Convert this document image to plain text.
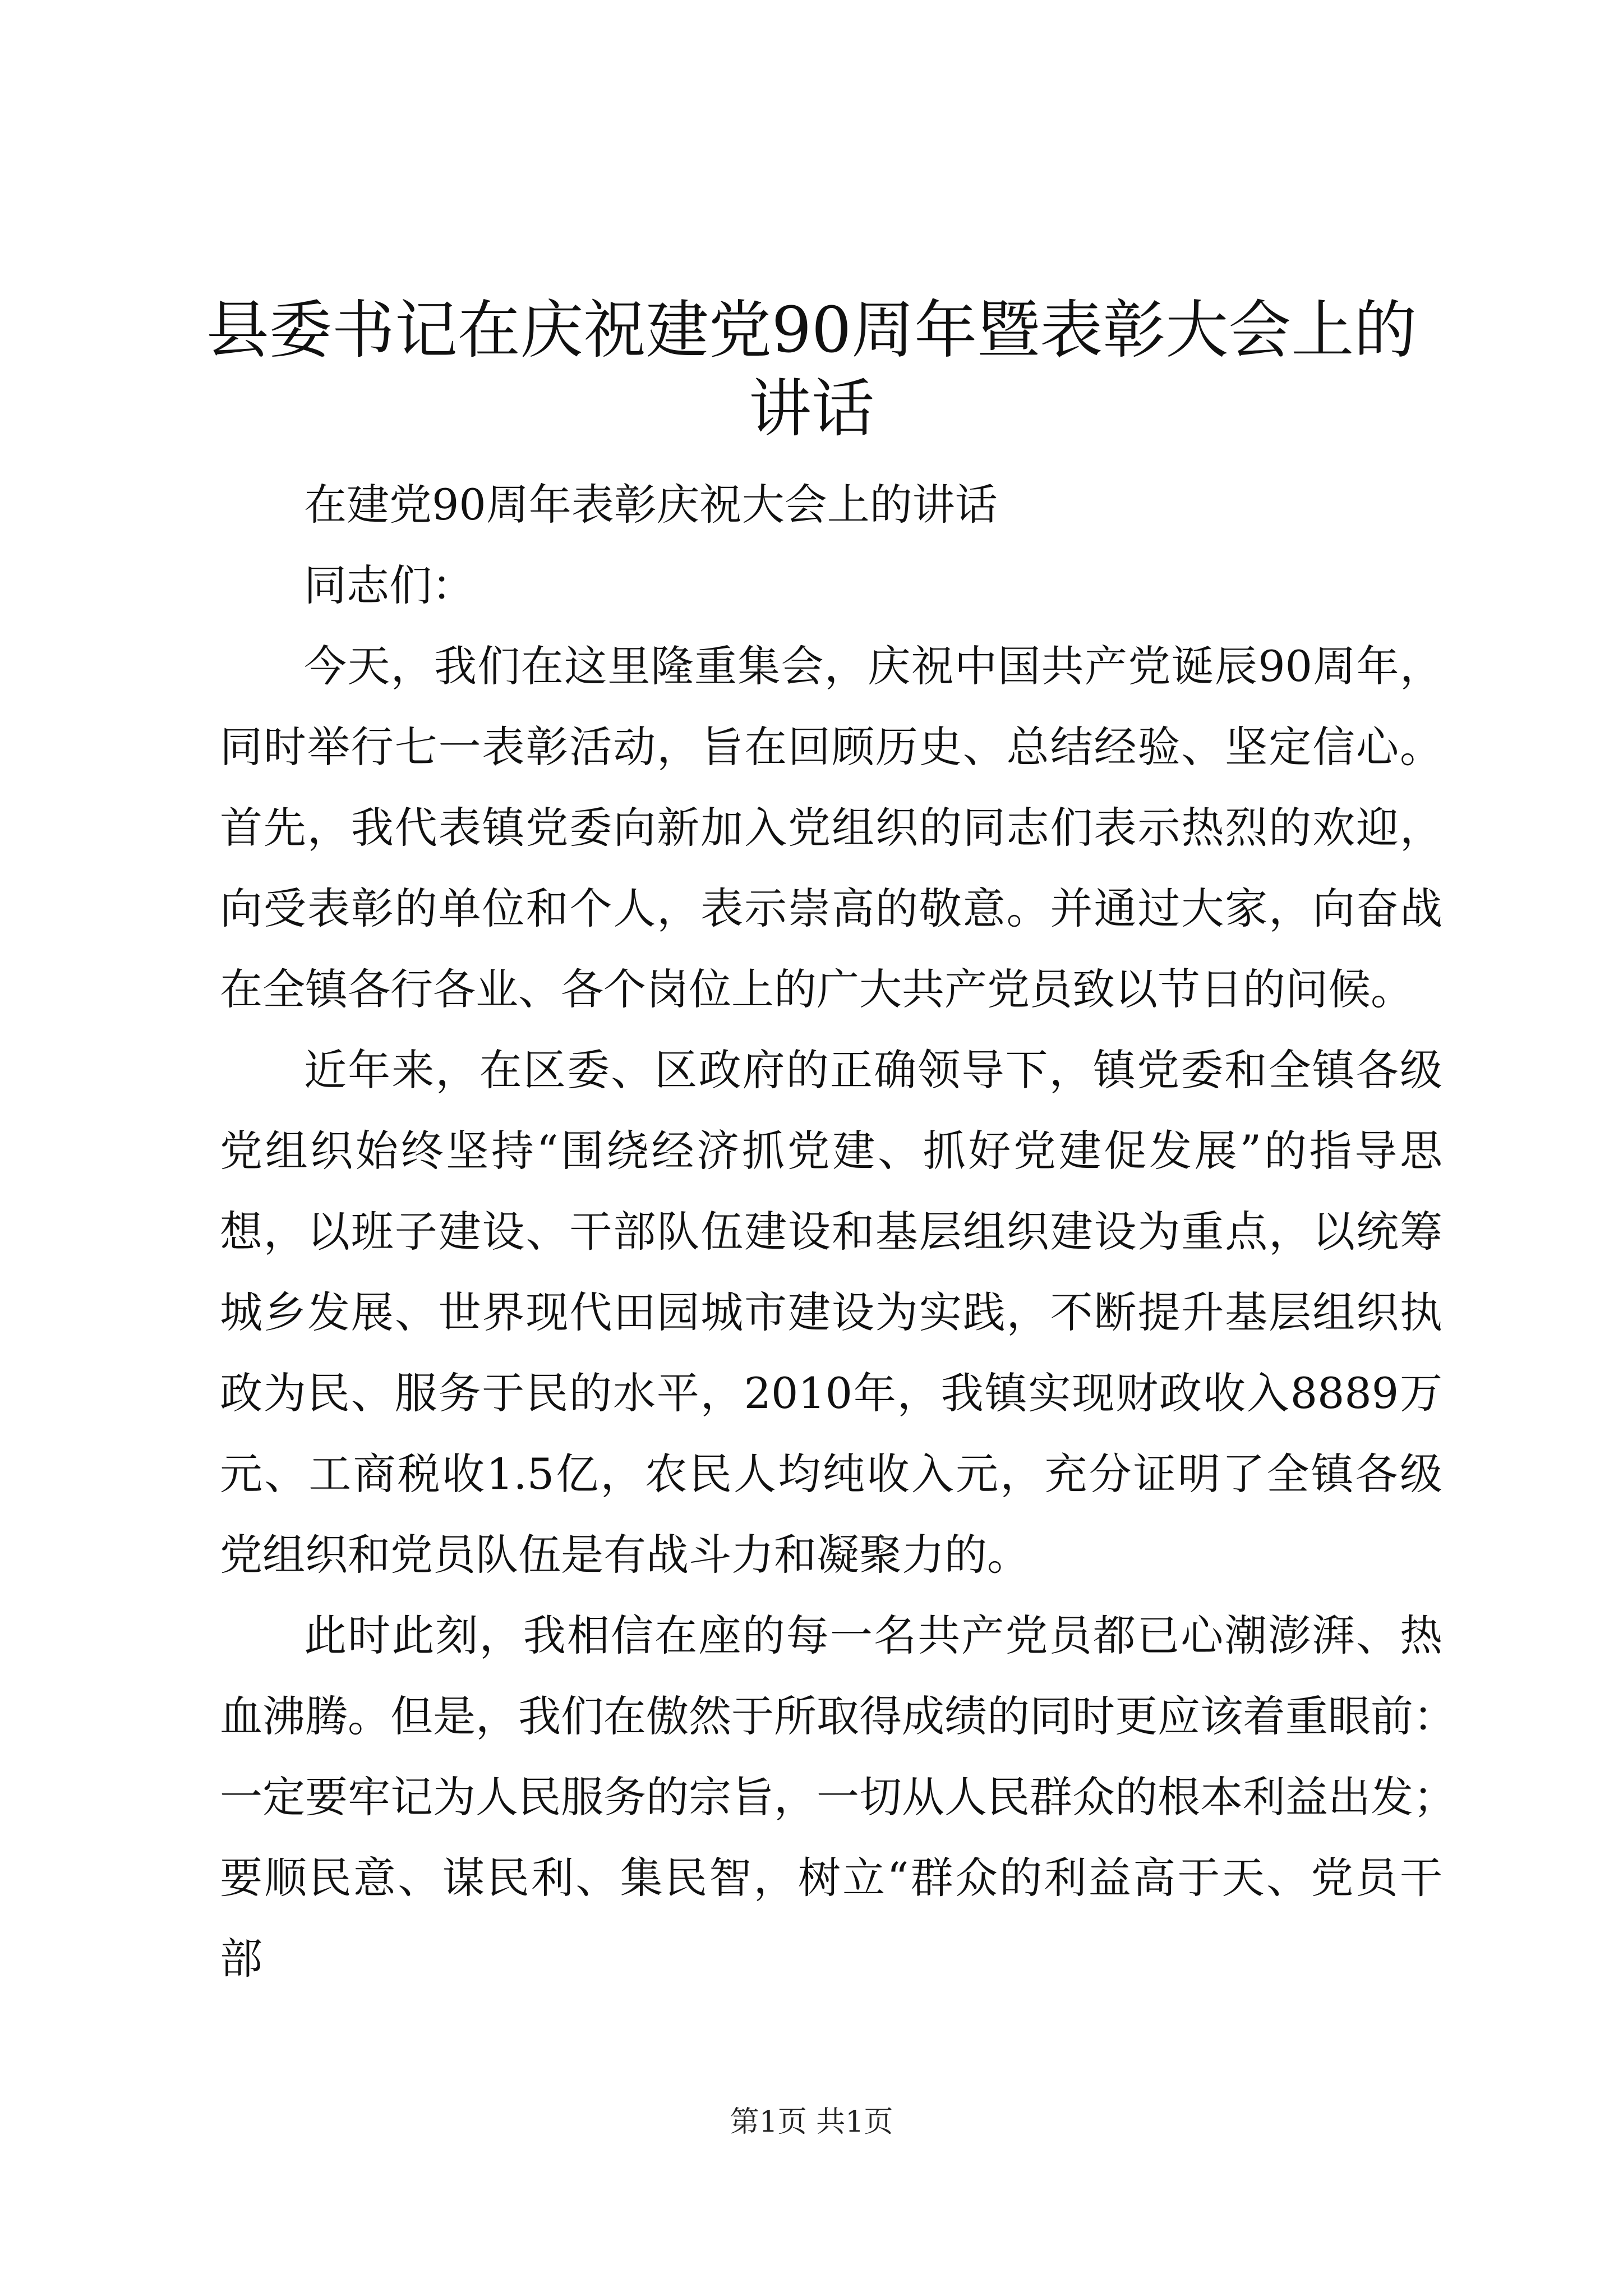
县委书记在庆祝建党90周年暨表彰大会上的
讲话

在建党90周年表彰庆祝大会上的讲话

同志们：

今天，我们在这里隆重集会，庆祝中国共产党诞辰90周年，

同时举行七一表彰活动，旨在回顾历史、总结经验、坚定信心。

首先，我代表镇党委向新加入党组织的同志们表示热烈的欢迎，

向受表彰的单位和个人，表示崇高的敬意。并通过大家，向奋战

在全镇各行各业、各个岗位上的广大共产党员致以节日的问候。

近年来，在区委、区政府的正确领导下，镇党委和全镇各级

党组织始终坚持“围绕经济抓党建、抓好党建促发展”的指导思

想，以班子建设、干部队伍建设和基层组织建设为重点，以统筹

城乡发展、世界现代田园城市建设为实践，不断提升基层组织执

政为民、服务于民的水平，2010年，我镇实现财政收入8889万

元、工商税收1.5亿，农民人均纯收入元，充分证明了全镇各级

党组织和党员队伍是有战斗力和凝聚力的。

此时此刻，我相信在座的每一名共产党员都已心潮澎湃、热

血沸腾。但是，我们在傲然于所取得成绩的同时更应该着重眼前：

一定要牢记为人民服务的宗旨，一切从人民群众的根本利益出发；

要顺民意、谋民利、集民智，树立“群众的利益高于天、党员干

部

第1页 共1页
